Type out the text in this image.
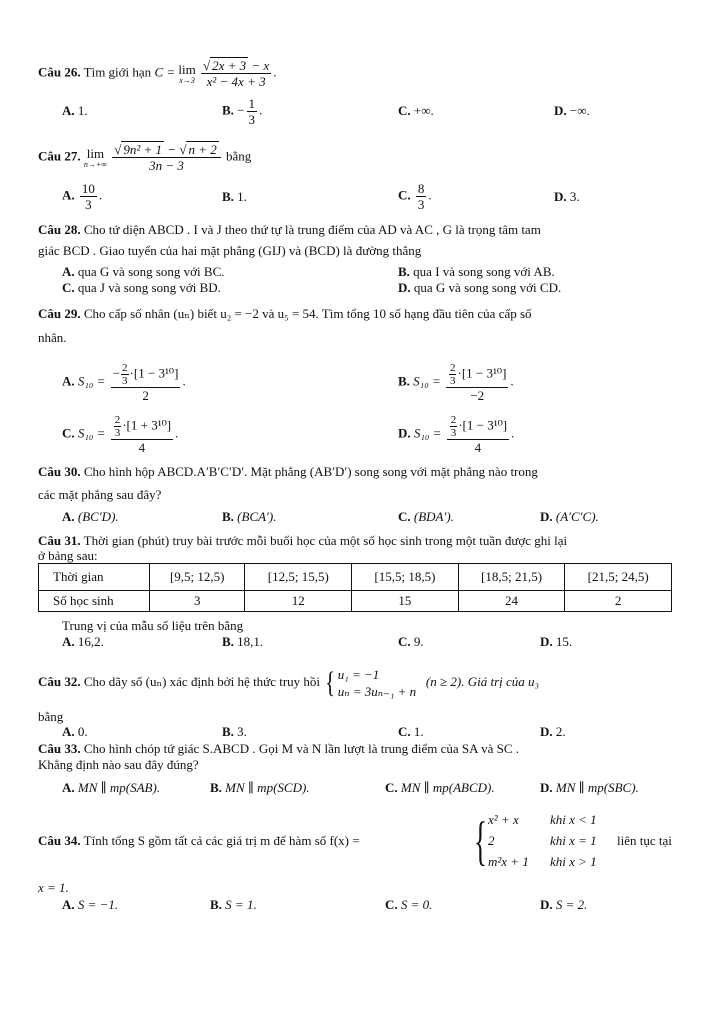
Câu 26. Tìm giới hạn C = lim
x→3
$\frac{√ 2x + 3 - x}{\text{x² − 4x + 3}}$ .
A. 1.	B. − $\frac{1}{3}$ .	C. +∞.	D. −∞.
Câu 27. lim
n→+∞
$\frac{\text{√ 9n² + 1 − √ n + 2}}{3n - 3}$ bằng
A. $\frac{10}{3}$ .	B. 1.	C. $\frac{8}{3}$ .	D. 3.
Câu 28. Cho tứ diện ABCD . I và J theo thứ tự là trung điểm của AD và AC , G là trọng tâm tam
giác BCD . Giao tuyến của hai mặt phẳng (GIJ) và (BCD) là đường thẳng
A. qua G và song song với BC.	B. qua I và song song với AB.
C. qua J và song song với BD.	D. qua G và song song với CD.
Câu 29. Cho cấp số nhân (uₙ) biết u₂ = −2 và u₅ = 54. Tìm tổng 10 số hạng đầu tiên của cấp số
nhân.
A. $S_{10} = \frac{- \frac{2}{3} \cdot[1 - 3^{10}]}{2}$ .	B. $S_{10} = \frac{\frac{2}{3} \cdot[1 - 3^{10}]}{-2}$ .
C. $S_{10} = \frac{\frac{2}{3} \cdot[1 + 3^{10}]}{4}$ .	D. $S_{10} = \frac{\frac{2}{3} \cdot[1 - 3^{10}]}{4}$ .
Câu 30. Cho hình hộp ABCD.A′B′C′D′. Mặt phẳng (AB′D′) song song với mặt phẳng nào trong
các mặt phẳng sau đây?
A. (BC′D).	B. (BCA′).	C. (BDA′).	D. (A′C′C).
Câu 31. Thời gian (phút) truy bài trước mỗi buổi học của một số học sinh trong một tuần được ghi lại
ở bảng sau:
Thời gian	[9,5; 12,5)	[12,5; 15,5)	[15,5; 18,5)	[18,5; 21,5)	[21,5; 24,5)
Số học sinh	3	12	15	24	2
Trung vị của mẫu số liệu trên bằng
A. 16,2.	B. 18,1.	C. 9.	D. 15.
Câu 32. Cho dãy số (uₙ) xác định bởi hệ thức truy hồi { u₁ = −1
uₙ = 3uₙ₋₁ + n
(n ≥ 2). Giá trị của u₃
bằng
A. 0.	B. 3.	C. 1.	D. 2.
Câu 33. Cho hình chóp tứ giác S.ABCD . Gọi M và N lần lượt là trung điểm của SA và SC .
Khẳng định nào sau đây đúng?
A. MN ∥ mp(SAB).	B. MN ∥ mp(SCD).	C. MN ∥ mp(ABCD).	D. MN ∥ mp(SBC).
Câu 34. Tính tổng S gồm tất cả các giá trị m để hàm số f(x) = { x² + x khi x < 1
2	khi x = 1
m²x + 1 khi x > 1
liên tục tại
x = 1.
A. S = −1.	B. S = 1.	C. S = 0.	D. S = 2.
